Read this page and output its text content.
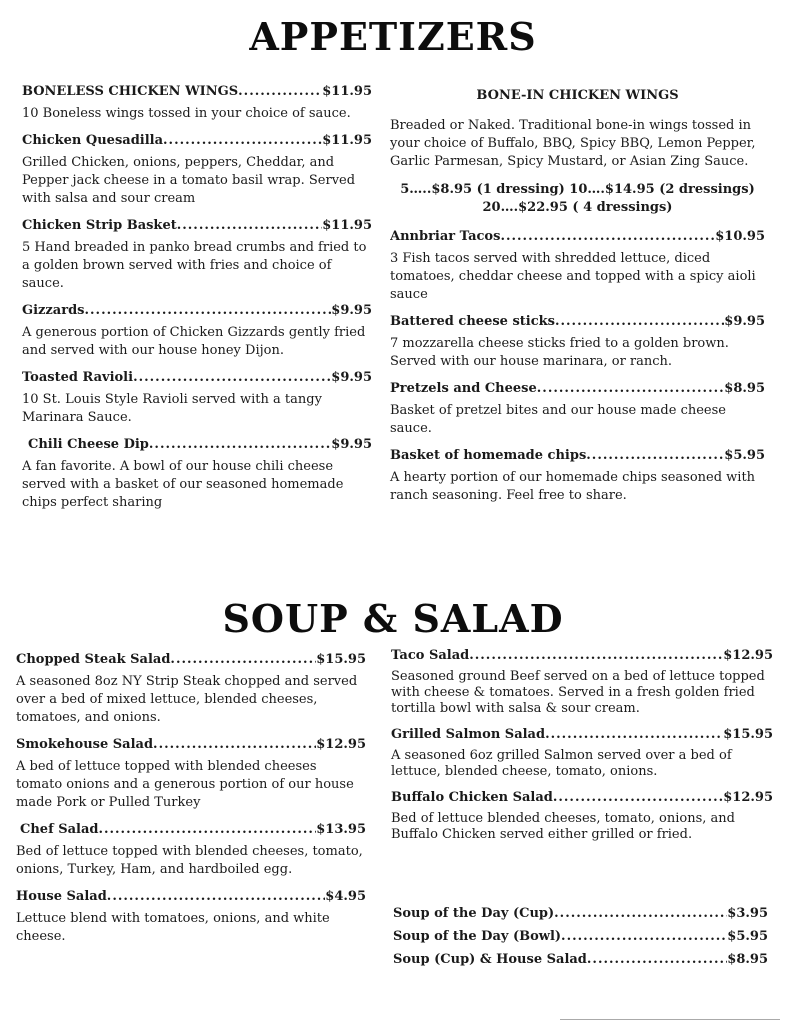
APPETIZERS
BONELESS CHICKEN WINGS .....	$11.95

10 Boneless wings tossed in your choice of sauce.

Chicken Quesadilla .....	$11.95

Grilled Chicken, onions, peppers, Cheddar, and Pepper jack cheese in a tomato basil wrap. Served with salsa and sour cream

Chicken Strip Basket .....	$11.95

5 Hand breaded in panko bread crumbs and fried to a golden brown served with fries and choice of sauce.

Gizzards .....	$9.95

A generous portion of Chicken Gizzards gently fried and served with our house honey Dijon.

Toasted Ravioli .....	$9.95

10 St. Louis Style Ravioli served with a tangy Marinara Sauce.

Chili Cheese Dip .....	$9.95

A fan favorite. A bowl of our house chili cheese served with a basket of our seasoned homemade chips perfect sharing

BONE-IN CHICKEN WINGS

Breaded or Naked. Traditional bone-in wings tossed in your choice of Buffalo, BBQ, Spicy BBQ, Lemon Pepper, Garlic Parmesan, Spicy Mustard, or Asian Zing Sauce.

5…..$8.95 (1 dressing) 10….$14.95 (2 dressings)
20….$22.95 ( 4 dressings)
Annbriar Tacos .....	$10.95

3 Fish tacos served with shredded lettuce, diced tomatoes, cheddar cheese and topped with a spicy aioli sauce

Battered cheese sticks .....	$9.95

7 mozzarella cheese sticks fried to a golden brown. Served with our house marinara, or ranch.

Pretzels and Cheese .....	$8.95

Basket of pretzel bites and our house made cheese sauce.

Basket of homemade chips .....	$5.95

A hearty portion of our homemade chips seasoned with ranch seasoning. Feel free to share.

SOUP & SALAD
Chopped Steak Salad .....	$15.95

A seasoned 8oz NY Strip Steak chopped and served over a bed of mixed lettuce, blended cheeses, tomatoes, and onions.

Smokehouse Salad .....	$12.95

A bed of lettuce topped with blended cheeses tomato onions and a generous portion of our house made Pork or Pulled Turkey

Chef Salad .....	$13.95

Bed of lettuce topped with blended cheeses, tomato, onions, Turkey, Ham, and hardboiled egg.

House Salad .....	$4.95

Lettuce blend with tomatoes, onions, and white cheese.

Taco Salad .....	$12.95

Seasoned ground Beef served on a bed of lettuce topped with cheese & tomatoes. Served in a fresh golden fried tortilla bowl with salsa & sour cream.

Grilled Salmon Salad .....	$15.95

A seasoned 6oz grilled Salmon served over a bed of lettuce, blended cheese, tomato, onions.

Buffalo Chicken Salad .....	$12.95

Bed of lettuce blended cheeses, tomato, onions, and Buffalo Chicken served either grilled or fried.

Soup of the Day (Cup) .....	$3.95
Soup of the Day (Bowl) .....	$5.95
Soup (Cup) & House Salad .....	$8.95
